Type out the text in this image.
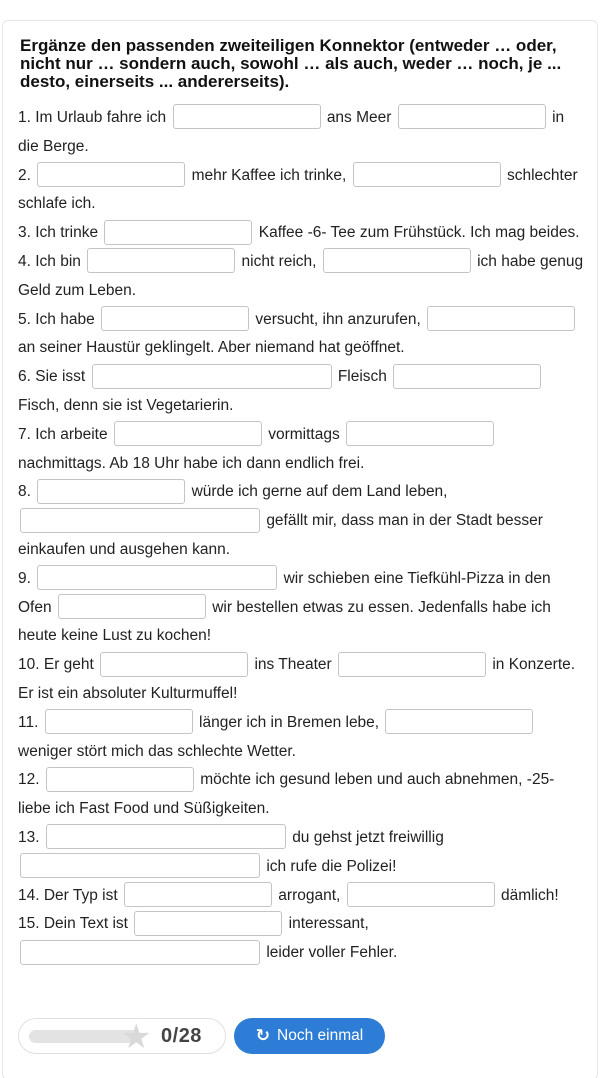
Ergänze den passenden zweiteiligen Konnektor (entweder … oder, nicht nur … sondern auch, sowohl … als auch, weder … noch, je ... desto, einerseits ... andererseits).
1. Im Urlaub fahre ich	ans Meer	in die Berge.
2.	mehr Kaffee ich trinke,	schlechter schlafe ich.
3. Ich trinke	Kaffee -6- Tee zum Frühstück. Ich mag beides.
4. Ich bin	nicht reich,	ich habe genug Geld zum Leben.
5. Ich habe	versucht, ihn anzurufen,  an seiner Haustür geklingelt. Aber niemand hat geöffnet.
6. Sie isst	Fleisch  Fisch, denn sie ist Vegetarierin.
7. Ich arbeite	vormittags  nachmittags. Ab 18 Uhr habe ich dann endlich frei.
8.	würde ich gerne auf dem Land leben,  gefällt mir, dass man in der Stadt besser einkaufen und ausgehen kann.
9.	wir schieben eine Tiefkühl-Pizza in den Ofen	wir bestellen etwas zu essen. Jedenfalls habe ich heute keine Lust zu kochen!
10. Er geht	ins Theater	in Konzerte. Er ist ein absoluter Kulturmuffel!
11.	länger ich in Bremen lebe,  weniger stört mich das schlechte Wetter.
12.	möchte ich gesund leben und auch abnehmen, -25- liebe ich Fast Food und Süßigkeiten.
13.	du gehst jetzt freiwillig  ich rufe die Polizei!
14. Der Typ ist	arrogant,	dämlich!
15. Dein Text ist	interessant,  leider voller Fehler.
★ 0/28	↻ Noch einmal
